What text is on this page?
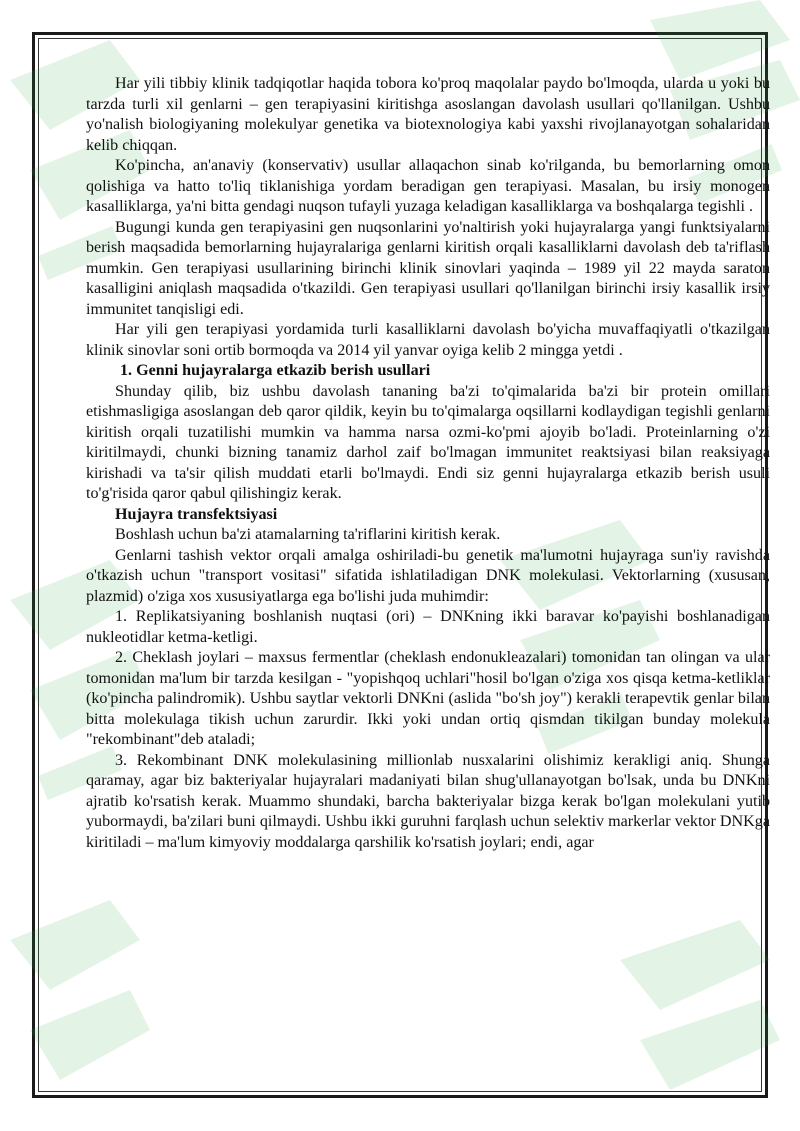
Har yili tibbiy klinik tadqiqotlar haqida tobora ko'proq maqolalar paydo bo'lmoqda, ularda u yoki bu tarzda turli xil genlarni – gen terapiyasini kiritishga asoslangan davolash usullari qo'llanilgan. Ushbu yo'nalish biologiyaning molekulyar genetika va biotexnologiya kabi yaxshi rivojlanayotgan sohalaridan kelib chiqqan.

Ko'pincha, an'anaviy (konservativ) usullar allaqachon sinab ko'rilganda, bu bemorlarning omon qolishiga va hatto to'liq tiklanishiga yordam beradigan gen terapiyasi. Masalan, bu irsiy monogen kasalliklarga, ya'ni bitta gendagi nuqson tufayli yuzaga keladigan kasalliklarga va boshqalarga tegishli .

Bugungi kunda gen terapiyasini gen nuqsonlarini yo'naltirish yoki hujayralarga yangi funktsiyalarni berish maqsadida bemorlarning hujayralariga genlarni kiritish orqali kasalliklarni davolash deb ta'riflash mumkin. Gen terapiyasi usullarining birinchi klinik sinovlari yaqinda – 1989 yil 22 mayda saraton kasalligini aniqlash maqsadida o'tkazildi. Gen terapiyasi usullari qo'llanilgan birinchi irsiy kasallik irsiy immunitet tanqisligi edi.

Har yili gen terapiyasi yordamida turli kasalliklarni davolash bo'yicha muvaffaqiyatli o'tkazilgan klinik sinovlar soni ortib bormoqda va 2014 yil yanvar oyiga kelib 2 mingga yetdi .

1. Genni hujayralarga etkazib berish usullari

Shunday qilib, biz ushbu davolash tananing ba'zi to'qimalarida ba'zi bir protein omillari etishmasligiga asoslangan deb qaror qildik, keyin bu to'qimalarga oqsillarni kodlaydigan tegishli genlarni kiritish orqali tuzatilishi mumkin va hamma narsa ozmi-ko'pmi ajoyib bo'ladi. Proteinlarning o'zi kiritilmaydi, chunki bizning tanamiz darhol zaif bo'lmagan immunitet reaktsiyasi bilan reaksiyaga kirishadi va ta'sir qilish muddati etarli bo'lmaydi. Endi siz genni hujayralarga etkazib berish usuli to'g'risida qaror qabul qilishingiz kerak.

Hujayra transfektsiyasi

Boshlash uchun ba'zi atamalarning ta'riflarini kiritish kerak.

Genlarni tashish vektor orqali amalga oshiriladi-bu genetik ma'lumotni hujayraga sun'iy ravishda o'tkazish uchun "transport vositasi" sifatida ishlatiladigan DNK molekulasi. Vektorlarning (xususan, plazmid) o'ziga xos xususiyatlarga ega bo'lishi juda muhimdir:

1. Replikatsiyaning boshlanish nuqtasi (ori) – DNKning ikki baravar ko'payishi boshlanadigan nukleotidlar ketma-ketligi.

2. Cheklash joylari – maxsus fermentlar (cheklash endonukleazalari) tomonidan tan olingan va ular tomonidan ma'lum bir tarzda kesilgan - "yopishqoq uchlari"hosil bo'lgan o'ziga xos qisqa ketma-ketliklar (ko'pincha palindromik). Ushbu saytlar vektorli DNKni (aslida "bo'sh joy") kerakli terapevtik genlar bilan bitta molekulaga tikish uchun zarurdir. Ikki yoki undan ortiq qismdan tikilgan bunday molekula "rekombinant"deb ataladi;

3. Rekombinant DNK molekulasining millionlab nusxalarini olishimiz kerakligi aniq. Shunga qaramay, agar biz bakteriyalar hujayralari madaniyati bilan shug'ullanayotgan bo'lsak, unda bu DNKni ajratib ko'rsatish kerak. Muammo shundaki, barcha bakteriyalar bizga kerak bo'lgan molekulani yutib yubormaydi, ba'zilari buni qilmaydi. Ushbu ikki guruhni farqlash uchun selektiv markerlar vektor DNKga kiritiladi – ma'lum kimyoviy moddalarga qarshilik ko'rsatish joylari; endi, agar
